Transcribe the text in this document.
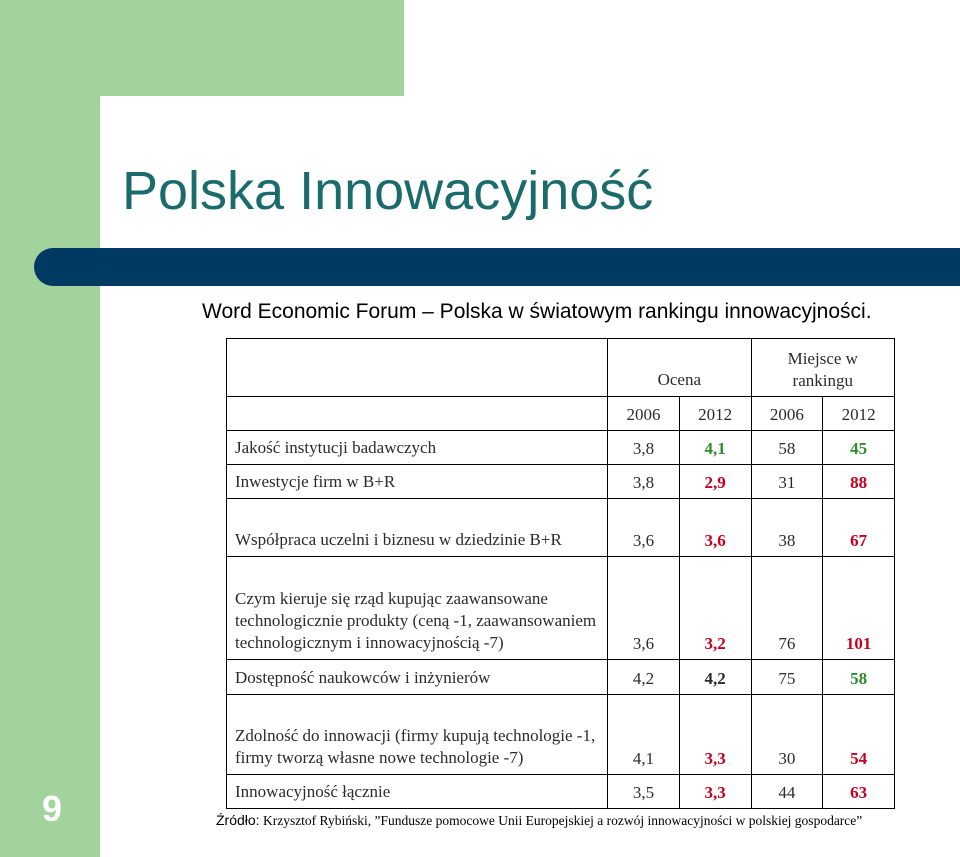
Polska Innowacyjność

Word Economic Forum – Polska w światowym rankingu innowacyjności.

	Ocena		Miejsce w rankingu	
	2006	2012	2006	2012
Jakość instytucji badawczych	3,8	4,1	58	45
Inwestycje firm w B+R	3,8	2,9	31	88
Współpraca uczelni i biznesu w dziedzinie B+R	3,6	3,6	38	67
Czym kieruje się rząd kupując zaawansowane technologicznie produkty (ceną -1, zaawansowaniem technologicznym i innowacyjnością -7)	3,6	3,2	76	101
Dostępność naukowców i inżynierów	4,2	4,2	75	58
Zdolność do innowacji (firmy kupują technologie -1, firmy tworzą własne nowe technologie -7)	4,1	3,3	30	54
Innowacyjność łącznie	3,5	3,3	44	63

Źródło: Krzysztof Rybiński, ”Fundusze pomocowe Unii Europejskiej a rozwój innowacyjności w polskiej gospodarce”

9
